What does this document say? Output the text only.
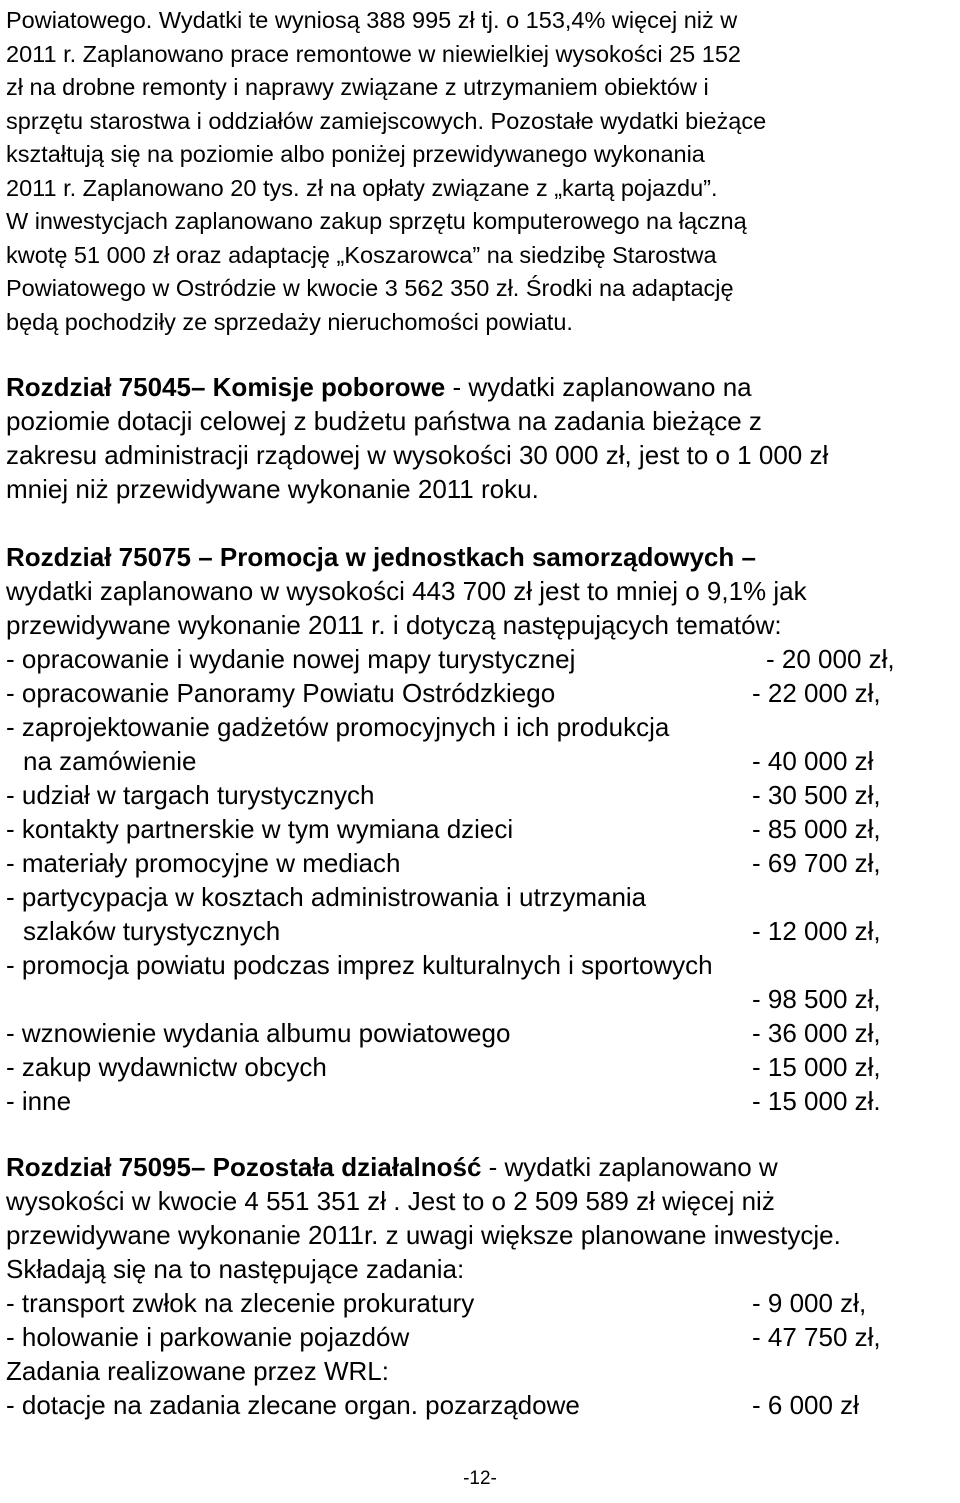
Powiatowego. Wydatki te wyniosą 388 995 zł tj. o 153,4% więcej niż w

2011 r. Zaplanowano prace remontowe w niewielkiej wysokości 25 152

zł na drobne remonty i naprawy związane z utrzymaniem obiektów i

sprzętu starostwa i oddziałów zamiejscowych. Pozostałe wydatki bieżące

kształtują się na poziomie albo poniżej przewidywanego wykonania

2011 r. Zaplanowano 20 tys. zł na opłaty związane z „kartą pojazdu”.

W inwestycjach zaplanowano zakup sprzętu komputerowego na łączną

kwotę 51 000 zł oraz adaptację „Koszarowca” na siedzibę Starostwa

Powiatowego w Ostródzie w kwocie 3 562 350 zł. Środki na adaptację

będą pochodziły ze sprzedaży nieruchomości powiatu.

Rozdział 75045– Komisje poborowe - wydatki zaplanowano na

poziomie dotacji celowej z budżetu państwa na zadania bieżące z

zakresu administracji rządowej w wysokości 30 000 zł, jest to o 1 000 zł

mniej niż przewidywane wykonanie 2011 roku.

Rozdział 75075 – Promocja w jednostkach samorządowych –

wydatki zaplanowano w wysokości 443 700 zł jest to mniej o 9,1% jak

przewidywane wykonanie 2011 r. i dotyczą następujących tematów:

- opracowanie i wydanie nowej mapy turystycznej	- 20 000 zł,
- opracowanie Panoramy Powiatu Ostródzkiego	- 22 000 zł,
- zaprojektowanie gadżetów promocyjnych i ich produkcja
na zamówienie	- 40 000 zł
- udział w targach turystycznych	- 30 500 zł,
- kontakty partnerskie w tym wymiana dzieci	- 85 000 zł,
- materiały promocyjne w mediach	- 69 700 zł,
- partycypacja w kosztach administrowania i utrzymania
szlaków turystycznych	- 12 000 zł,
- promocja powiatu podczas imprez kulturalnych i sportowych
- 98 500 zł,
- wznowienie wydania albumu powiatowego	- 36 000 zł,
- zakup wydawnictw obcych	- 15 000 zł,
- inne	- 15 000 zł.

Rozdział 75095– Pozostała działalność - wydatki zaplanowano w

wysokości w kwocie 4 551 351 zł . Jest to o 2 509 589 zł więcej niż

przewidywane wykonanie 2011r. z uwagi większe planowane inwestycje.

Składają się na to następujące zadania:

- transport zwłok na zlecenie prokuratury	- 9 000 zł,
- holowanie i parkowanie pojazdów	- 47 750 zł,
Zadania realizowane przez WRL:
- dotacje na zadania zlecane organ. pozarządowe	- 6 000 zł
-12-
